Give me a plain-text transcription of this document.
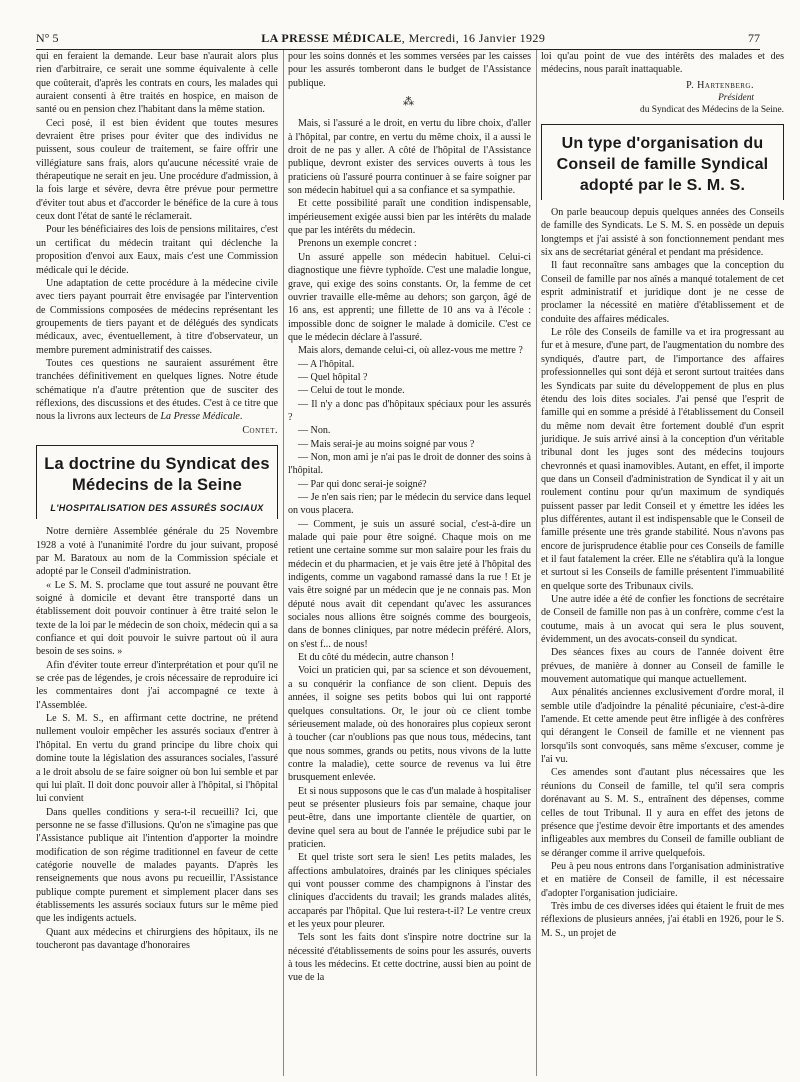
N° 5	LA PRESSE MÉDICALE, Mercredi, 16 Janvier 1929	77

qui en feraient la demande. Leur base n'aurait alors plus rien d'arbitraire, ce serait une somme équivalente à celle que coûterait, d'après les contrats en cours, les malades qui auraient consenti à être traités en hospice, en maison de santé ou en pension chez l'habitant dans la même station.

Ceci posé, il est bien évident que toutes mesures devraient être prises pour éviter que des individus ne puissent, sous couleur de traitement, se faire offrir une villégiature sans frais, alors qu'aucune nécessité vraie de thérapeutique ne serait en jeu. Une procédure d'admission, à la fois large et sévère, devra être prévue pour permettre d'éviter tout abus et d'accorder le bénéfice de la cure à tous ceux dont l'état de santé le réclamerait.

Pour les bénéficiaires des lois de pensions militaires, c'est un certificat du médecin traitant qui déclenche la proposition d'envoi aux Eaux, mais c'est une Commission médicale qui le décide.

Une adaptation de cette procédure à la médecine civile avec tiers payant pourrait être envisagée par l'intervention de Commissions composées de médecins représentant les groupements de tiers payant et de délégués des syndicats médicaux, avec, éventuellement, à titre d'observateur, un membre purement administratif des caisses.

Toutes ces questions ne sauraient assurément être tranchées définitivement en quelques lignes. Notre étude schématique n'a d'autre prétention que de susciter des réflexions, des discussions et des études. C'est à ce titre que nous la livrons aux lecteurs de La Presse Médicale.

Contet.

La doctrine du Syndicat des Médecins de la Seine
L'HOSPITALISATION DES ASSURÉS SOCIAUX

Notre dernière Assemblée générale du 25 Novembre 1928 a voté à l'unanimité l'ordre du jour suivant, proposé par M. Baratoux au nom de la Commission spéciale et adopté par le Conseil d'administration.

« Le S. M. S. proclame que tout assuré ne pouvant être soigné à domicile et devant être transporté dans un établissement doit pouvoir continuer à être traité selon le texte de la loi par le médecin de son choix, médecin qui a sa confiance et qui doit pouvoir le suivre partout où il aura besoin de ses soins. »

Afin d'éviter toute erreur d'interprétation et pour qu'il ne se crée pas de légendes, je crois nécessaire de reproduire ici les commentaires dont j'ai accompagné ce texte à l'Assemblée.

Le S. M. S., en affirmant cette doctrine, ne prétend nullement vouloir empêcher les assurés sociaux d'entrer à l'hôpital. En vertu du grand principe du libre choix qui domine toute la législation des assurances sociales, l'assuré a le droit absolu de se faire soigner où bon lui semble et par qui lui plaît. Il doit donc pouvoir aller à l'hôpital, si l'hôpital lui convient

Dans quelles conditions y sera-t-il recueilli? Ici, que personne ne se fasse d'illusions. Qu'on ne s'imagine pas que l'Assistance publique ait l'intention d'apporter la moindre modification de son régime traditionnel en faveur de cette catégorie nouvelle de malades payants. D'après les renseignements que nous avons pu recueillir, l'Assistance publique compte purement et simplement placer dans ses établissements les assurés sociaux futurs sur le même pied que les indigents actuels.

Quant aux médecins et chirurgiens des hôpitaux, ils ne toucheront pas davantage d'honoraires

pour les soins donnés et les sommes versées par les caisses pour les assurés tomberont dans le budget de l'Assistance publique.

⁂

Mais, si l'assuré a le droit, en vertu du libre choix, d'aller à l'hôpital, par contre, en vertu du même choix, il a aussi le droit de ne pas y aller. A côté de l'hôpital de l'Assistance publique, devront exister des services ouverts à tous les praticiens où l'assuré pourra continuer à se faire soigner par son médecin habituel qui a sa confiance et sa sympathie.

Et cette possibilité paraît une condition indispensable, impérieusement exigée aussi bien par les intérêts du malade que par les intérêts du médecin.

Prenons un exemple concret :

Un assuré appelle son médecin habituel. Celui-ci diagnostique une fièvre typhoïde. C'est une maladie longue, grave, qui exige des soins constants. Or, la femme de cet ouvrier travaille elle-même au dehors; son garçon, âgé de 16 ans, est apprenti; une fillette de 10 ans va à l'école : impossible donc de soigner le malade à domicile. C'est ce que le médecin déclare à l'assuré.

Mais alors, demande celui-ci, où allez-vous me mettre ?

— A l'hôpital.

— Quel hôpital ?

— Celui de tout le monde.

— Il n'y a donc pas d'hôpitaux spéciaux pour les assurés ?

— Non.

— Mais serai-je au moins soigné par vous ?

— Non, mon ami je n'ai pas le droit de donner des soins à l'hôpital.

— Par qui donc serai-je soigné?

— Je n'en sais rien; par le médecin du service dans lequel on vous placera.

— Comment, je suis un assuré social, c'est-à-dire un malade qui paie pour être soigné. Chaque mois on me retient une certaine somme sur mon salaire pour les frais du médecin et du pharmacien, et je vais être jeté à l'hôpital des indigents, comme un vagabond ramassé dans la rue ! Et je vais être soigné par un médecin que je ne connais pas. Mon député nous avait dit cependant qu'avec les assurances sociales nous allions être soignés comme des bourgeois, dans de bonnes cliniques, par notre médecin préféré. Alors, on s'est f... de nous!

Et du côté du médecin, autre chanson !

Voici un praticien qui, par sa science et son dévouement, a su conquérir la confiance de son client. Depuis des années, il soigne ses petits bobos qui lui ont rapporté quelques consultations. Or, le jour où ce client tombe sérieusement malade, où des honoraires plus copieux seront à toucher (car n'oublions pas que nous tous, médecins, tant que nous sommes, grands ou petits, nous vivons de la lutte contre la maladie), cette source de revenus va lui être brusquement enlevée.

Et si nous supposons que le cas d'un malade à hospitaliser peut se présenter plusieurs fois par semaine, chaque jour peut-être, dans une importante clientèle de quartier, on devine quel sera au bout de l'année le préjudice subi par le praticien.

Et quel triste sort sera le sien! Les petits malades, les affections ambulatoires, drainés par les cliniques spéciales qui vont pousser comme des champignons à l'instar des cliniques d'accidents du travail; les grands malades alités, accaparés par l'hôpital. Que lui restera-t-il? Le ventre creux et les yeux pour pleurer.

Tels sont les faits dont s'inspire notre doctrine sur la nécessité d'établissements de soins pour les assurés, ouverts à tous les médecins. Et cette doctrine, aussi bien au point de vue de la

loi qu'au point de vue des intérêts des malades et des médecins, nous paraît inattaquable.

P. Hartenberg.
Président
du Syndicat des Médecins de la Seine.
Un type d'organisation du Conseil de famille Syndical adopté par le S. M. S.

On parle beaucoup depuis quelques années des Conseils de famille des Syndicats. Le S. M. S. en possède un depuis longtemps et j'ai assisté à son fonctionnement pendant mes six ans de secrétariat général et pendant ma présidence.

Il faut reconnaître sans ambages que la conception du Conseil de famille par nos aînés a manqué totalement de cet esprit administratif et juridique dont je ne cesse de proclamer la nécessité en matière d'établissement et de conduite des affaires médicales.

Le rôle des Conseils de famille va et ira progressant au fur et à mesure, d'une part, de l'augmentation du nombre des syndiqués, d'autre part, de l'importance des affaires professionnelles qui sont déjà et seront surtout traitées dans les Syndicats par suite du développement de plus en plus étendu des lois dites sociales. J'ai pensé que l'esprit de famille qui en somme a présidé à l'établissement du Conseil du même nom devait être fortement doublé d'un esprit juridique. Je suis arrivé ainsi à la conception d'un véritable tribunal dont les juges sont des médecins toujours chevronnés et quasi inamovibles. Autant, en effet, il importe que dans un Conseil d'administration de Syndicat il y ait un roulement continu pour qu'un maximum de syndiqués puissent passer par ledit Conseil et y émettre les idées les plus différentes, autant il est indispensable que le Conseil de famille présente une très grande stabilité. Nous n'avons pas encore de jurisprudence établie pour ces Conseils de famille et il faut fatalement la créer. Elle ne s'établira qu'à la longue et surtout si les Conseils de famille présentent l'immuabilité en quelque sorte des Tribunaux civils.

Une autre idée a été de confier les fonctions de secrétaire de Conseil de famille non pas à un confrère, comme c'est la coutume, mais à un avocat qui sera le plus souvent, évidemment, un des avocats-conseil du syndicat.

Des séances fixes au cours de l'année doivent être prévues, de manière à donner au Conseil de famille le mouvement automatique qui manque actuellement.

Aux pénalités anciennes exclusivement d'ordre moral, il semble utile d'adjoindre la pénalité pécuniaire, c'est-à-dire l'amende. Et cette amende peut être infligée à des confrères qui dérangent le Conseil de famille et ne viennent pas lorsqu'ils sont convoqués, sans même s'excuser, comme je l'ai vu.

Ces amendes sont d'autant plus nécessaires que les réunions du Conseil de famille, tel qu'il sera compris dorénavant au S. M. S., entraînent des dépenses, comme celles de tout Tribunal. Il y aura en effet des jetons de présence que j'estime devoir être importants et des amendes infligeables aux membres du Conseil de famille oubliant de se déranger comme il arrive quelquefois.

Peu à peu nous entrons dans l'organisation administrative et en matière de Conseil de famille, il est nécessaire d'adopter l'organisation judiciaire.

Très imbu de ces diverses idées qui étaient le fruit de mes réflexions de plusieurs années, j'ai établi en 1926, pour le S. M. S., un projet de
